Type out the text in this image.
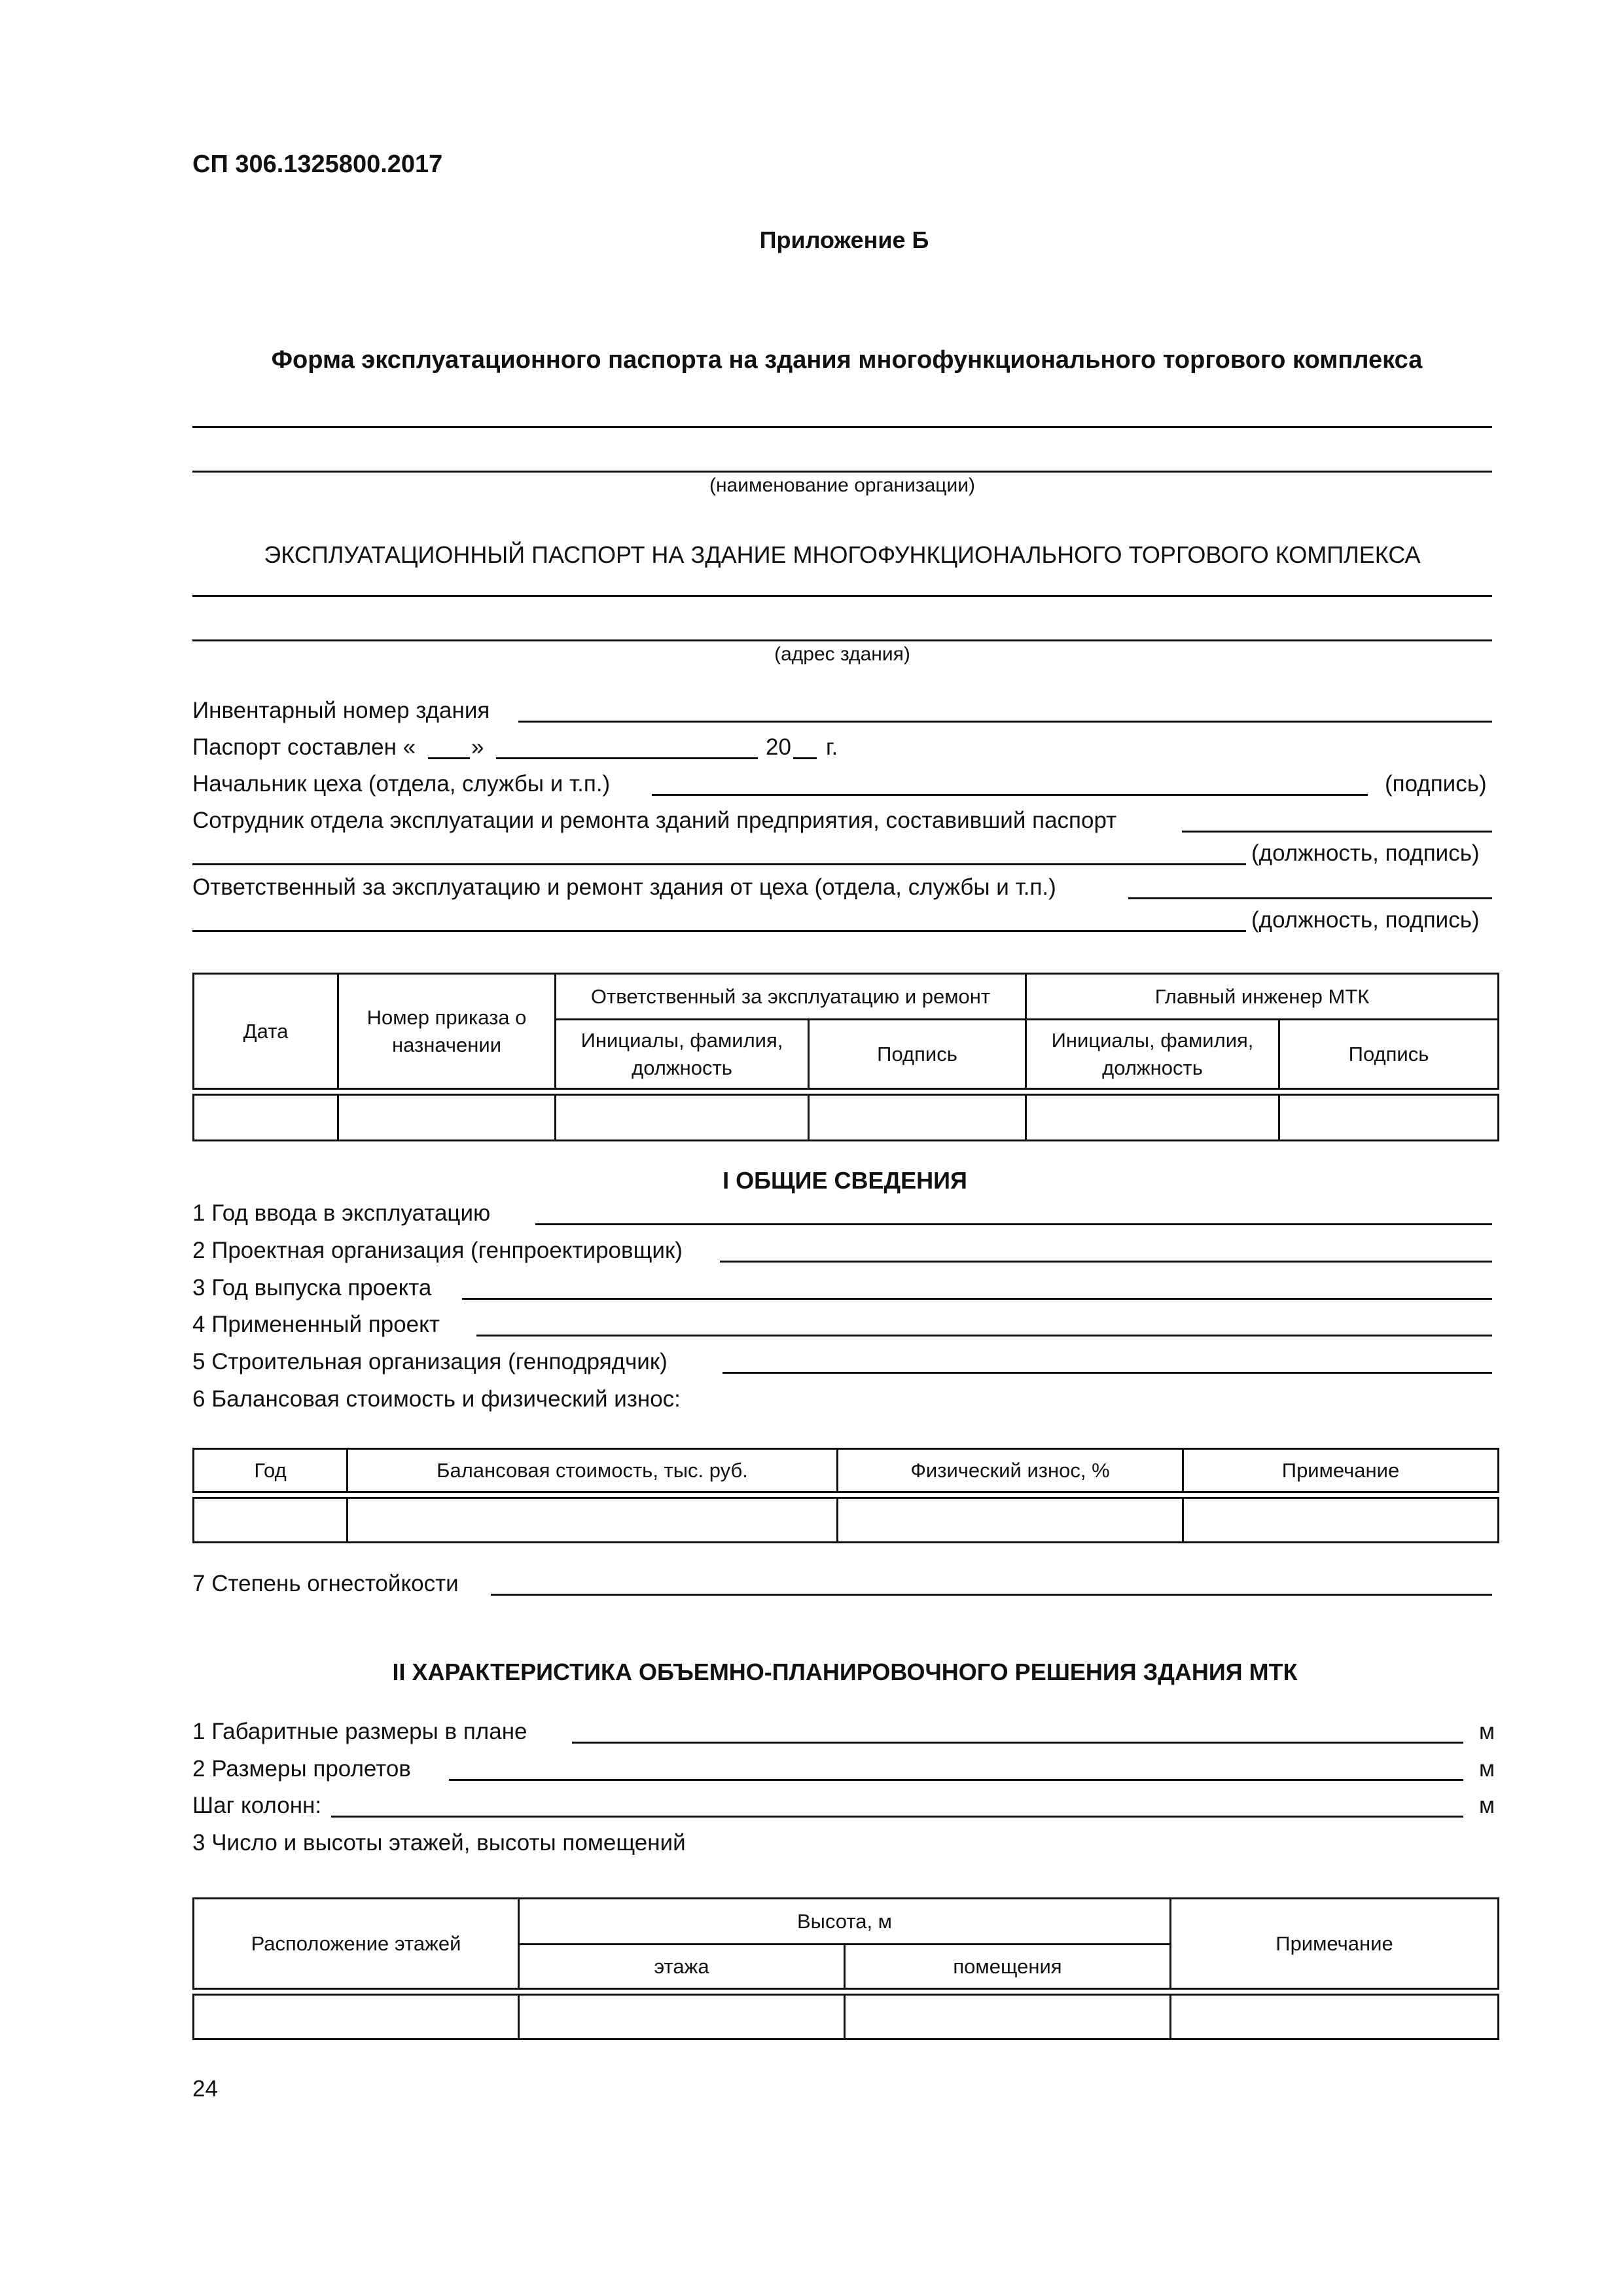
СП 306.1325800.2017
Приложение Б
Форма эксплуатационного паспорта на здания многофункционального торгового комплекса
(наименование организации)
ЭКСПЛУАТАЦИОННЫЙ ПАСПОРТ НА ЗДАНИЕ МНОГОФУНКЦИОНАЛЬНОГО ТОРГОВОГО КОМПЛЕКСА
(адрес здания)
Инвентарный номер здания
Паспорт составлен « »	20 г.
Начальник цеха (отдела, службы и т.п.)	(подпись)
Сотрудник отдела эксплуатации и ремонта зданий предприятия, составивший паспорт
(должность, подпись)
Ответственный за эксплуатацию и ремонт здания от цеха (отдела, службы и т.п.)
(должность, подпись)
Дата	Номер приказа о назначении	Ответственный за эксплуатацию и ремонт		Главный инженер МТК	
		Инициалы, фамилия, должность	Подпись	Инициалы, фамилия, должность	Подпись

I ОБЩИЕ СВЕДЕНИЯ
1 Год ввода в эксплуатацию
2 Проектная организация (генпроектировщик)
3 Год выпуска проекта
4 Примененный проект
5 Строительная организация (генподрядчик)
6 Балансовая стоимость и физический износ:
Год	Балансовая стоимость, тыс. руб.	Физический износ, %	Примечание

7 Степень огнестойкости
II ХАРАКТЕРИСТИКА ОБЪЕМНО-ПЛАНИРОВОЧНОГО РЕШЕНИЯ ЗДАНИЯ МТК
1 Габаритные размеры в плане	м
2 Размеры пролетов	м
Шаг колонн:	м
3 Число и высоты этажей, высоты помещений
Расположение этажей	Высота, м		Примечание
	этажа	помещения	

24
